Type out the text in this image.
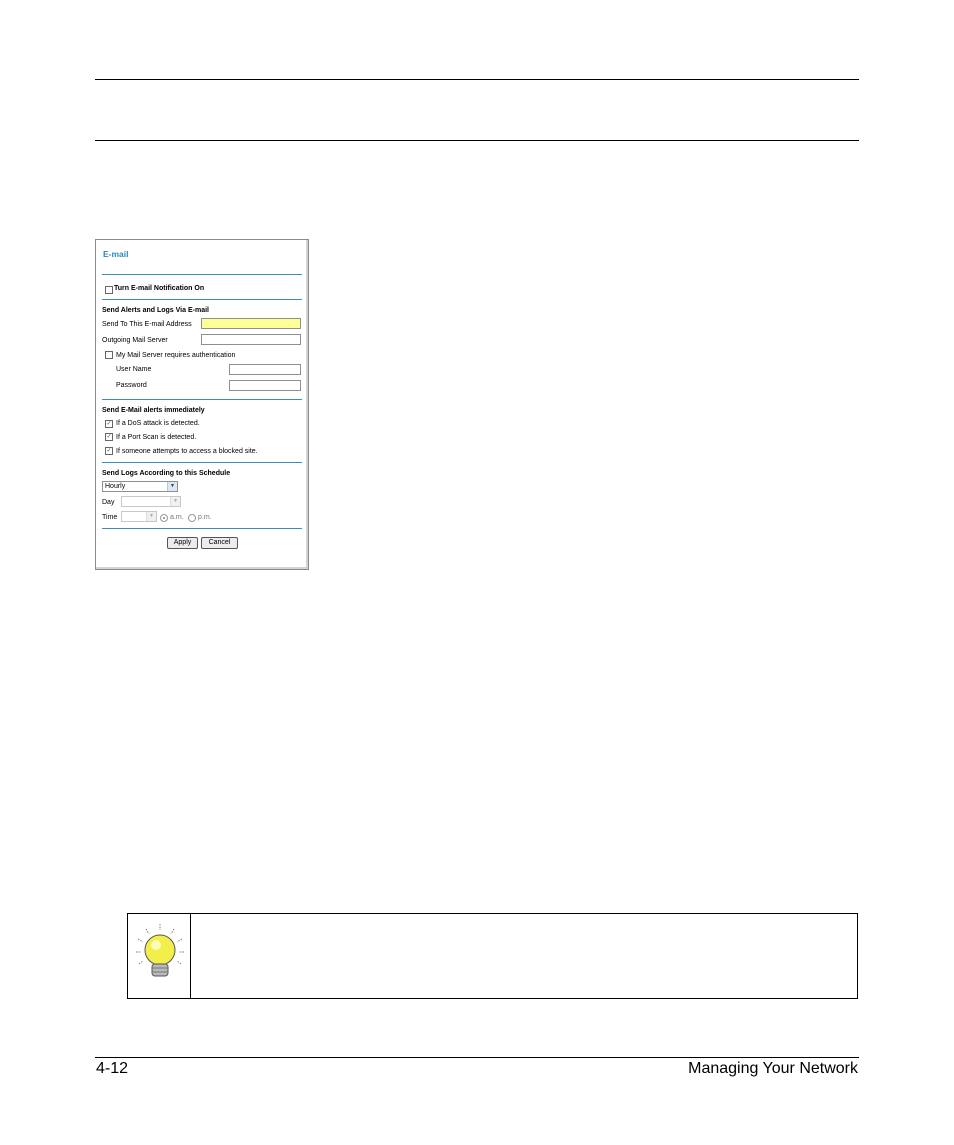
E-mail
Turn E-mail Notification On
Send Alerts and Logs Via E-mail
Send To This E-mail Address
Outgoing Mail Server
My Mail Server requires authentication
User Name
Password
Send E-Mail alerts immediately
✓ If a DoS attack is detected.
✓ If a Port Scan is detected.
✓ If someone attempts to access a blocked site.
Send Logs According to this Schedule
Hourly	▼
Day	▼
Time	▼ a.m. p.m.
Apply	Cancel
4-12	Managing Your Network
